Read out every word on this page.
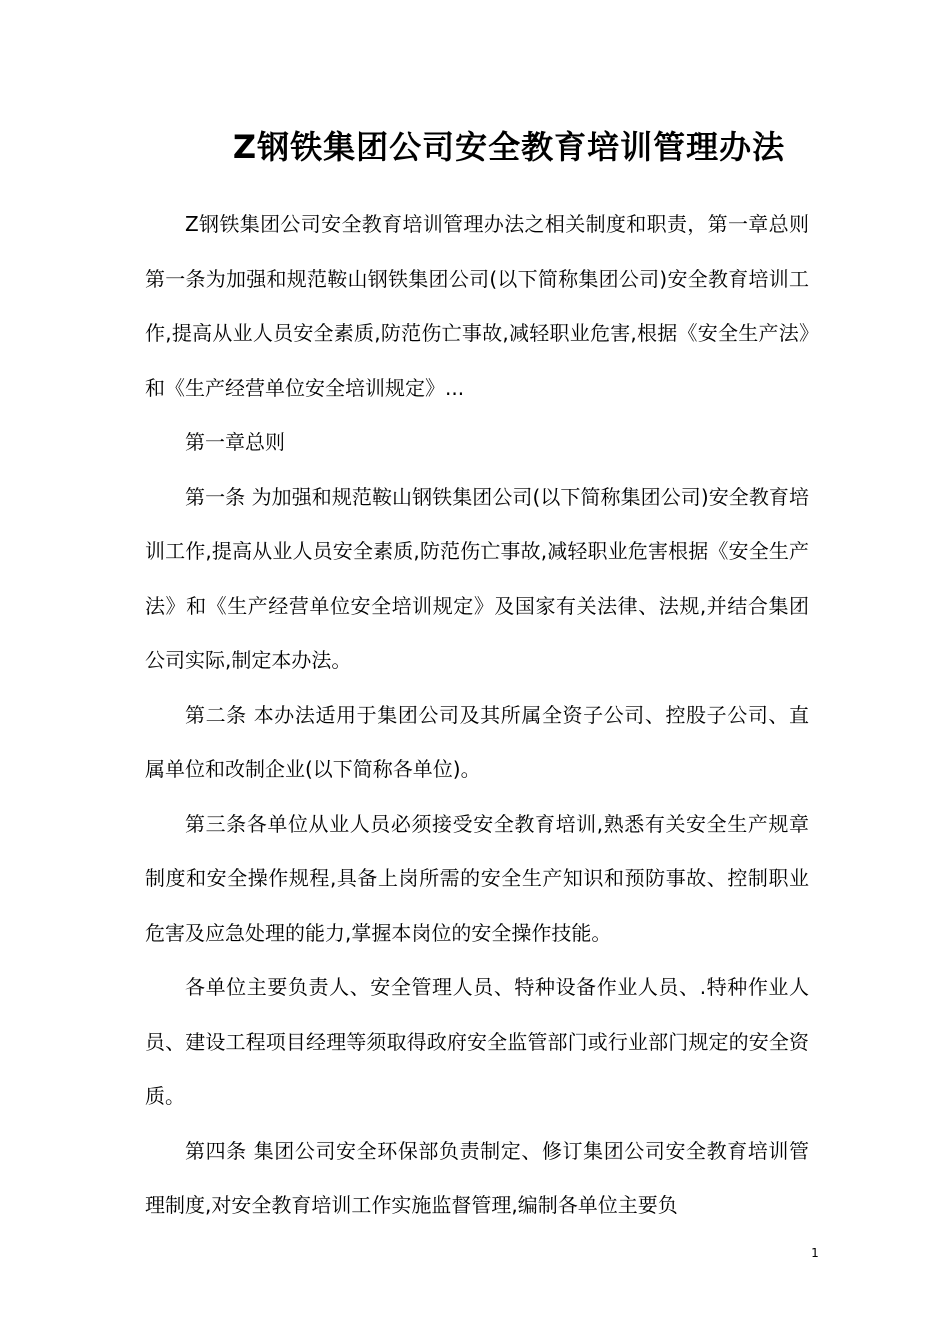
Z钢铁集团公司安全教育培训管理办法

Z钢铁集团公司安全教育培训管理办法之相关制度和职责，第一章总则第一条为加强和规范鞍山钢铁集团公司(以下简称集团公司)安全教育培训工作,提高从业人员安全素质,防范伤亡事故,减轻职业危害,根据《安全生产法》和《生产经营单位安全培训规定》...

第一章总则

第一条 为加强和规范鞍山钢铁集团公司(以下简称集团公司)安全教育培训工作,提高从业人员安全素质,防范伤亡事故,减轻职业危害根据《安全生产法》和《生产经营单位安全培训规定》及国家有关法律、法规,并结合集团公司实际,制定本办法。

第二条 本办法适用于集团公司及其所属全资子公司、控股子公司、直属单位和改制企业(以下简称各单位)。

第三条各单位从业人员必须接受安全教育培训,熟悉有关安全生产规章制度和安全操作规程,具备上岗所需的安全生产知识和预防事故、控制职业危害及应急处理的能力,掌握本岗位的安全操作技能。

各单位主要负责人、安全管理人员、特种设备作业人员、.特种作业人员、建设工程项目经理等须取得政府安全监管部门或行业部门规定的安全资质。

第四条 集团公司安全环保部负责制定、修订集团公司安全教育培训管理制度,对安全教育培训工作实施监督管理,编制各单位主要负

1
